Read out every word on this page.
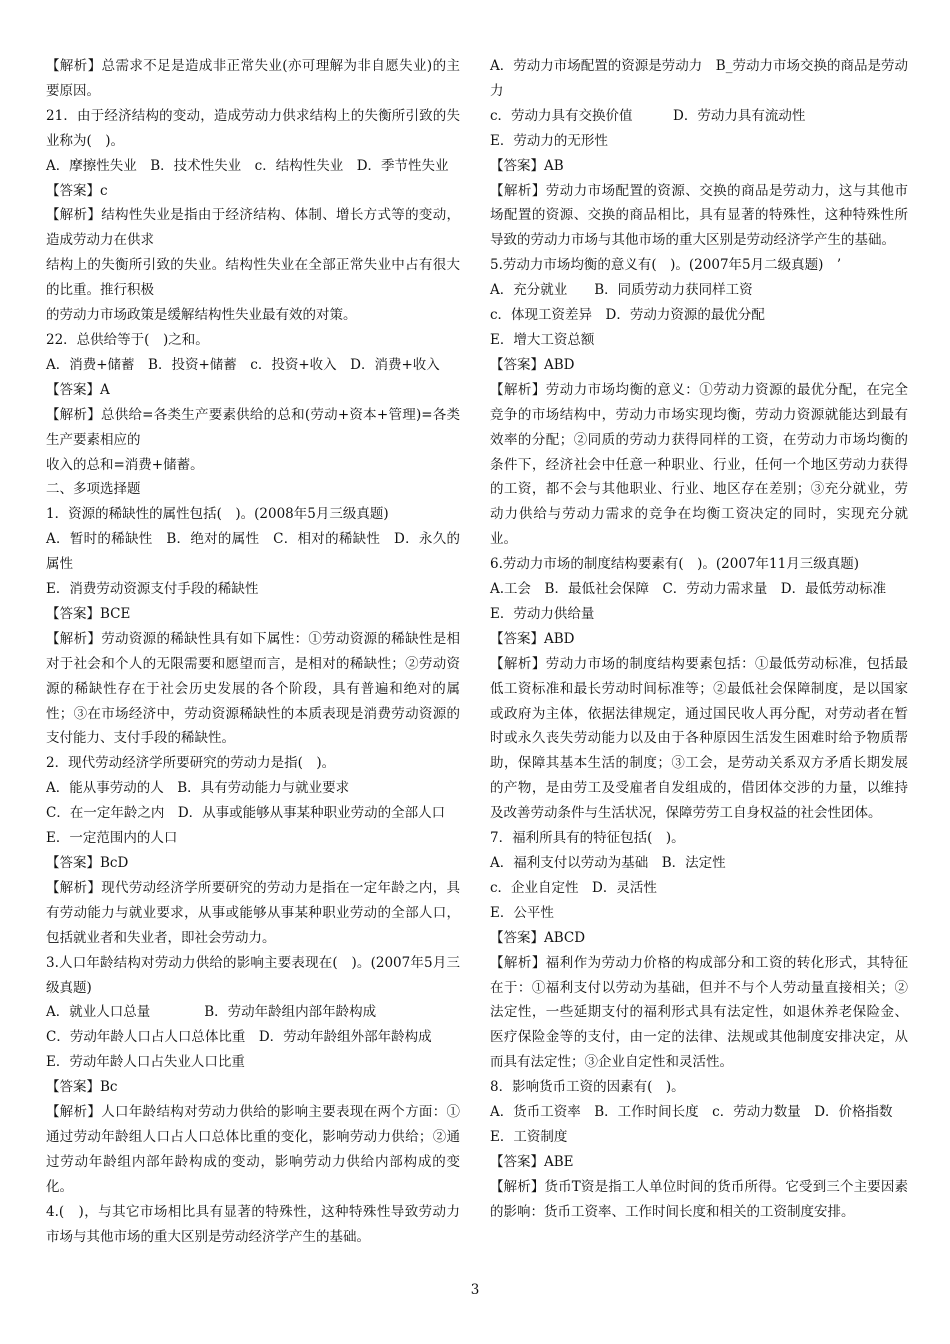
【解析】总需求不足是造成非正常失业(亦可理解为非自愿失业)的主要原因。

21．由于经济结构的变动，造成劳动力供求结构上的失衡所引致的失业称为(　)。

A．摩擦性失业　B．技术性失业　c．结构性失业　D．季节性失业

【答案】c

【解析】结构性失业是指由于经济结构、体制、增长方式等的变动，造成劳动力在供求

结构上的失衡所引致的失业。结构性失业在全部正常失业中占有很大的比重。推行积极

的劳动力市场政策是缓解结构性失业最有效的对策。

22．总供给等于(　)之和。

A．消费+储蓄　B．投资+储蓄　c．投资+收入　D．消费+收入

【答案】A

【解析】总供给=各类生产要素供给的总和(劳动+资本+管理)=各类生产要素相应的

收入的总和=消费+储蓄。

二、多项选择题

1．资源的稀缺性的属性包括(　)。(2008年5月三级真题)

A．暂时的稀缺性　B．绝对的属性　C．相对的稀缺性　D．永久的属性

E．消费劳动资源支付手段的稀缺性

【答案】BCE

【解析】劳动资源的稀缺性具有如下属性：①劳动资源的稀缺性是相对于社会和个人的无限需要和愿望而言，是相对的稀缺性；②劳动资源的稀缺性存在于社会历史发展的各个阶段，具有普遍和绝对的属性；③在市场经济中，劳动资源稀缺性的本质表现是消费劳动资源的支付能力、支付手段的稀缺性。

2．现代劳动经济学所要研究的劳动力是指(　)。

A．能从事劳动的人　B．具有劳动能力与就业要求

C．在一定年龄之内　D．从事或能够从事某种职业劳动的全部人口

E．一定范围内的人口

【答案】BcD

【解析】现代劳动经济学所要研究的劳动力是指在一定年龄之内，具有劳动能力与就业要求，从事或能够从事某种职业劳动的全部人口，包括就业者和失业者，即社会劳动力。

3.人口年龄结构对劳动力供给的影响主要表现在(　)。(2007年5月三级真题)

A．就业人口总量　　　　B．劳动年龄组内部年龄构成

C．劳动年龄人口占人口总体比重　D．劳动年龄组外部年龄构成

E．劳动年龄人口占失业人口比重

【答案】Bc

【解析】人口年龄结构对劳动力供给的影响主要表现在两个方面：①通过劳动年龄组人口占人口总体比重的变化，影响劳动力供给；②通过劳动年龄组内部年龄构成的变动，影响劳动力供给内部构成的变化。

4.(　)，与其它市场相比具有显著的特殊性，这种特殊性导致劳动力市场与其他市场的重大区别是劳动经济学产生的基础。

A．劳动力市场配置的资源是劳动力　B_劳动力市场交换的商品是劳动力

c．劳动力具有交换价值　　　D．劳动力具有流动性

E．劳动力的无形性

【答案】AB

【解析】劳动力市场配置的资源、交换的商品是劳动力，这与其他市场配置的资源、交换的商品相比，具有显著的特殊性，这种特殊性所导致的劳动力市场与其他市场的重大区别是劳动经济学产生的基础。

5.劳动力市场均衡的意义有(　)。(2007年5月二级真题)　’

A．充分就业　　B．同质劳动力获同样工资

c．体现工资差异　D．劳动力资源的最优分配

E．增大工资总额

【答案】ABD

【解析】劳动力市场均衡的意义：①劳动力资源的最优分配，在完全竞争的市场结构中，劳动力市场实现均衡，劳动力资源就能达到最有效率的分配；②同质的劳动力获得同样的工资，在劳动力市场均衡的条件下，经济社会中任意一种职业、行业，任何一个地区劳动力获得的工资，都不会与其他职业、行业、地区存在差别；③充分就业，劳动力供给与劳动力需求的竞争在均衡工资决定的同时，实现充分就业。

6.劳动力市场的制度结构要素有(　)。(2007年11月三级真题)

A.工会　B．最低社会保障　C．劳动力需求量　D．最低劳动标准

E．劳动力供给量

【答案】ABD

【解析】劳动力市场的制度结构要素包括：①最低劳动标准，包括最低工资标准和最长劳动时间标准等；②最低社会保障制度，是以国家或政府为主体，依据法律规定，通过国民收人再分配，对劳动者在暂时或永久丧失劳动能力以及由于各种原因生活发生困难时给予物质帮助，保障其基本生活的制度；③工会，是劳动关系双方矛盾长期发展的产物，是由劳工及受雇者自发组成的，借团体交涉的力量，以维持及改善劳动条件与生活状况，保障劳劳工自身权益的社会性团体。

7．福利所具有的特征包括(　)。

A．福利支付以劳动为基础　B．法定性

c．企业自定性　D．灵活性

E．公平性

【答案】ABCD

【解析】福利作为劳动力价格的构成部分和工资的转化形式，其特征在于：①福利支付以劳动为基础，但并不与个人劳动量直接相关；②法定性，一些延期支付的福利形式具有法定性，如退休养老保险金、医疗保险金等的支付，由一定的法律、法规或其他制度安排决定，从而具有法定性；③企业自定性和灵活性。

8．影响货币工资的因素有(　)。

A．货币工资率　B．工作时间长度　c．劳动力数量　D．价格指数

E．工资制度

【答案】ABE

【解析】货币T资是指工人单位时间的货币所得。它受到三个主要因素的影响：货币工资率、工作时间长度和相关的工资制度安排。

3
